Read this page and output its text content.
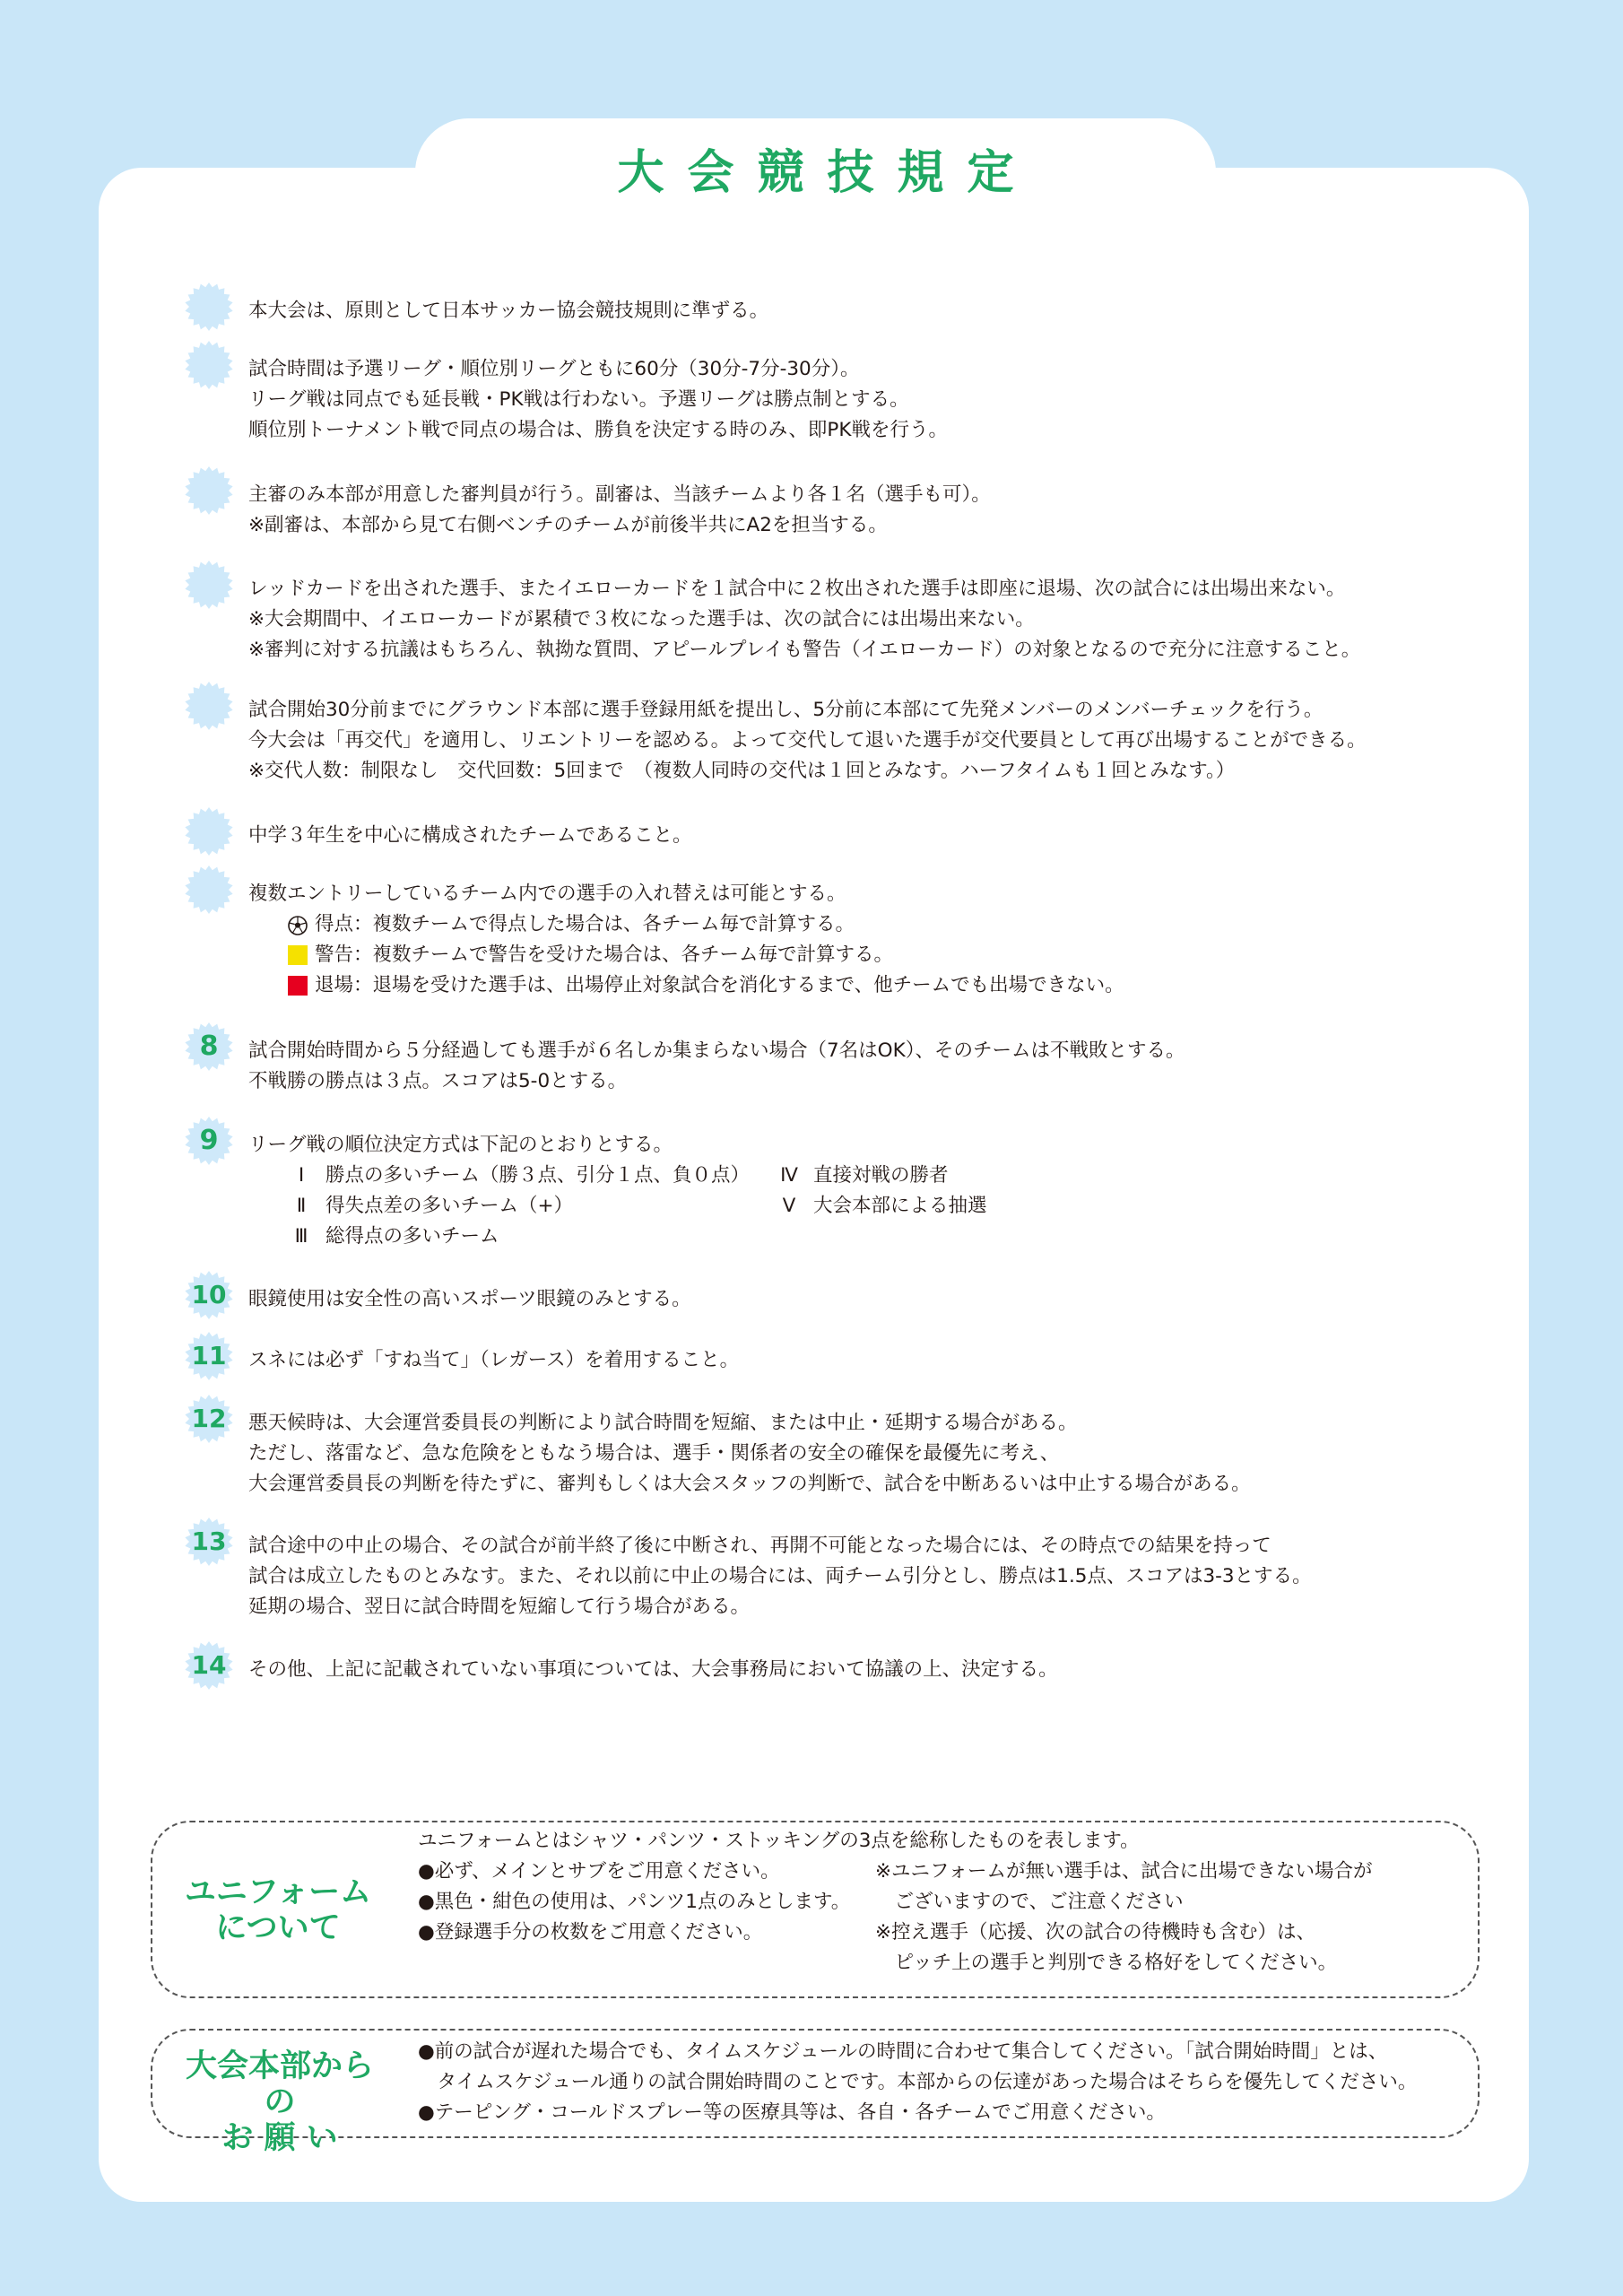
大会競技規定
本大会は、原則として日本サッカー協会競技規則に準ずる。
試合時間は予選リーグ・順位別リーグともに60分（30分-7分-30分）。
リーグ戦は同点でも延長戦・PK戦は行わない。予選リーグは勝点制とする。
順位別トーナメント戦で同点の場合は、勝負を決定する時のみ、即PK戦を行う。
主審のみ本部が用意した審判員が行う。副審は、当該チームより各１名（選手も可）。
※副審は、本部から見て右側ベンチのチームが前後半共にA2を担当する。
レッドカードを出された選手、またイエローカードを１試合中に２枚出された選手は即座に退場、次の試合には出場出来ない。
※大会期間中、イエローカードが累積で３枚になった選手は、次の試合には出場出来ない。
※審判に対する抗議はもちろん、執拗な質問、アピールプレイも警告（イエローカード）の対象となるので充分に注意すること。
試合開始30分前までにグラウンド本部に選手登録用紙を提出し、5分前に本部にて先発メンバーのメンバーチェックを行う。
今大会は「再交代」を適用し、リエントリーを認める。よって交代して退いた選手が交代要員として再び出場することができる。
※交代人数：制限なし　交代回数：5回まで　（複数人同時の交代は１回とみなす。ハーフタイムも１回とみなす。）
中学３年生を中心に構成されたチームであること。
複数エントリーしているチーム内での選手の入れ替えは可能とする。
得点：複数チームで得点した場合は、各チーム毎で計算する。
警告：複数チームで警告を受けた場合は、各チーム毎で計算する。
退場：退場を受けた選手は、出場停止対象試合を消化するまで、他チームでも出場できない。
8	試合開始時間から５分経過しても選手が６名しか集まらない場合（7名はOK）、そのチームは不戦敗とする。
不戦勝の勝点は３点。スコアは5-0とする。
9	リーグ戦の順位決定方式は下記のとおりとする。
Ⅰ 勝点の多いチーム（勝３点、引分１点、負０点）
Ⅱ 得失点差の多いチーム（+）
Ⅲ 総得点の多いチーム
Ⅳ 直接対戦の勝者
Ⅴ 大会本部による抽選
10	眼鏡使用は安全性の高いスポーツ眼鏡のみとする。
11	スネには必ず「すね当て」（レガース）を着用すること。
12	悪天候時は、大会運営委員長の判断により試合時間を短縮、または中止・延期する場合がある。
ただし、落雷など、急な危険をともなう場合は、選手・関係者の安全の確保を最優先に考え、
大会運営委員長の判断を待たずに、審判もしくは大会スタッフの判断で、試合を中断あるいは中止する場合がある。
13	試合途中の中止の場合、その試合が前半終了後に中断され、再開不可能となった場合には、その時点での結果を持って
試合は成立したものとみなす。また、それ以前に中止の場合には、両チーム引分とし、勝点は1.5点、スコアは3-3とする。
延期の場合、翌日に試合時間を短縮して行う場合がある。
14	その他、上記に記載されていない事項については、大会事務局において協議の上、決定する。
ユニフォーム
について
ユニフォームとはシャツ・パンツ・ストッキングの3点を総称したものを表します。
●必ず、メインとサブをご用意ください。
●黒色・紺色の使用は、パンツ1点のみとします。
●登録選手分の枚数をご用意ください。
※ユニフォームが無い選手は、試合に出場できない場合が
　ございますので、ご注意ください
※控え選手（応援、次の試合の待機時も含む）は、
　ピッチ上の選手と判別できる格好をしてください。
大会本部からの
お 願 い
●前の試合が遅れた場合でも、タイムスケジュールの時間に合わせて集合してください。「試合開始時間」とは、
　タイムスケジュール通りの試合開始時間のことです。本部からの伝達があった場合はそちらを優先してください。
●テーピング・コールドスプレー等の医療具等は、各自・各チームでご用意ください。
